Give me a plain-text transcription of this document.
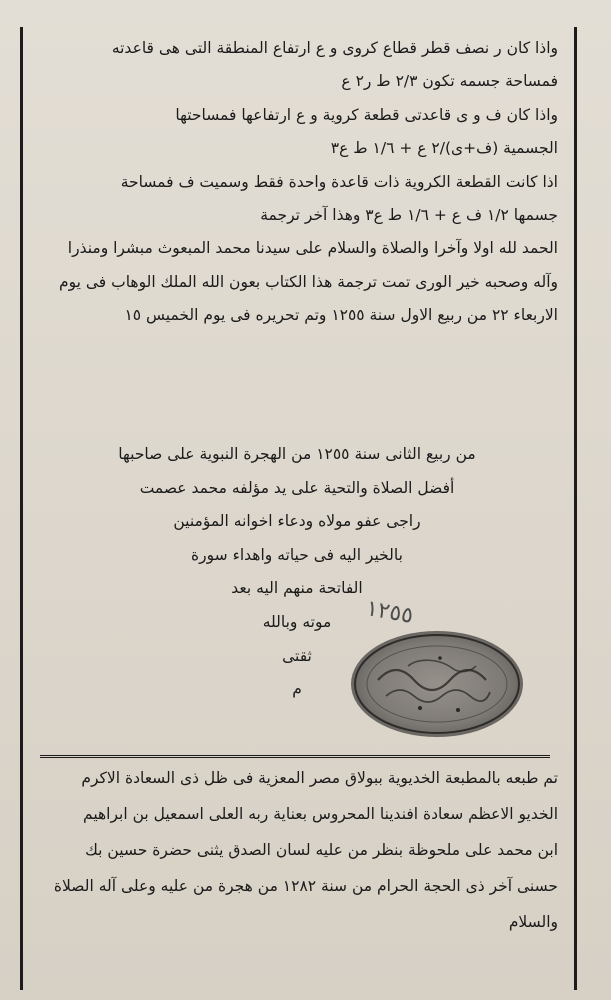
واذا كان ر نصف قطر قطاع كروى و ع ارتفاع المنطقة التى هى قاعدته
فمساحة جسمه تكون ٢/٣ ط ر٢ ع
واذا كان ف و ى قاعدتى قطعة كروية و ع ارتفاعها فمساحتها
الجسمية (ف+ى)/٢ ع + ١/٦ ط ع٣
اذا كانت القطعة الكروية ذات قاعدة واحدة فقط وسميت ف فمساحة
جسمها ١/٢ ف ع + ١/٦ ط ع٣ وهذا آخر ترجمة
الحمد لله اولا وآخرا والصلاة والسلام على سيدنا محمد المبعوث مبشرا ومنذرا
وآله وصحبه خير الورى تمت ترجمة هذا الكتاب بعون الله الملك الوهاب فى يوم
الاربعاء ٢٢ من ربيع الاول سنة ١٢٥٥ وتم تحريره فى يوم الخميس ١٥
من ربيع الثانى سنة ١٢٥٥ من الهجرة النبوية على صاحبها
أفضل الصلاة والتحية على يد مؤلفه محمد عصمت
راجى عفو مولاه ودعاء اخوانه المؤمنين
بالخير اليه فى حياته واهداء سورة
الفاتحة منهم اليه بعد
موته وبالله
ثقتى
م
١٢٥٥
تم طبعه بالمطبعة الخديوية ببولاق مصر المعزية فى ظل ذى السعادة الاكرم
الخديو الاعظم سعادة افندينا المحروس بعناية ربه العلى اسمعيل بن ابراهيم
ابن محمد على ملحوظة بنظر من عليه لسان الصدق يثنى حضرة حسين بك
حسنى آخر ذى الحجة الحرام من سنة ١٢٨٢ من هجرة من عليه وعلى آله الصلاة
والسلام
